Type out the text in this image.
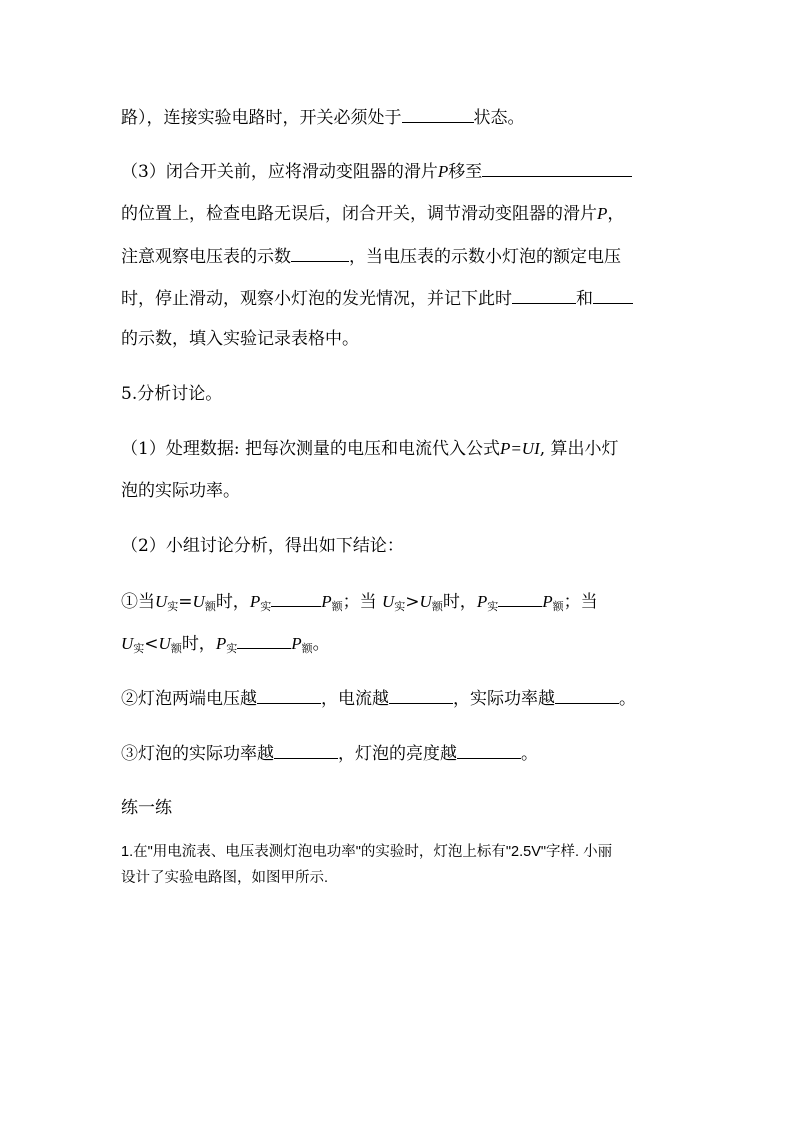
路），连接实验电路时，开关必须处于	状态。
（3）闭合开关前，应将滑动变阻器的滑片P移至
的位置上，检查电路无误后，闭合开关，调节滑动变阻器的滑片P，
注意观察电压表的示数	，当电压表的示数小灯泡的额定电压
时，停止滑动，观察小灯泡的发光情况，并记下此时	和
的示数，填入实验记录表格中。
5.分析讨论。
（1）处理数据: 把每次测量的电压和电流代入公式P=UI, 算出小灯
泡的实际功率。
（2）小组讨论分析，得出如下结论：
①当U实=U额时，P实	P额；当 U实>U额时，P实	P额；当
U实<U额时，P实	P额。
②灯泡两端电压越	，电流越	，实际功率越	。
③灯泡的实际功率越	，灯泡的亮度越	。
练一练
1.在"用电流表、电压表测灯泡电功率"的实验时，灯泡上标有"2.5V"字样. 小丽
设计了实验电路图，如图甲所示.
